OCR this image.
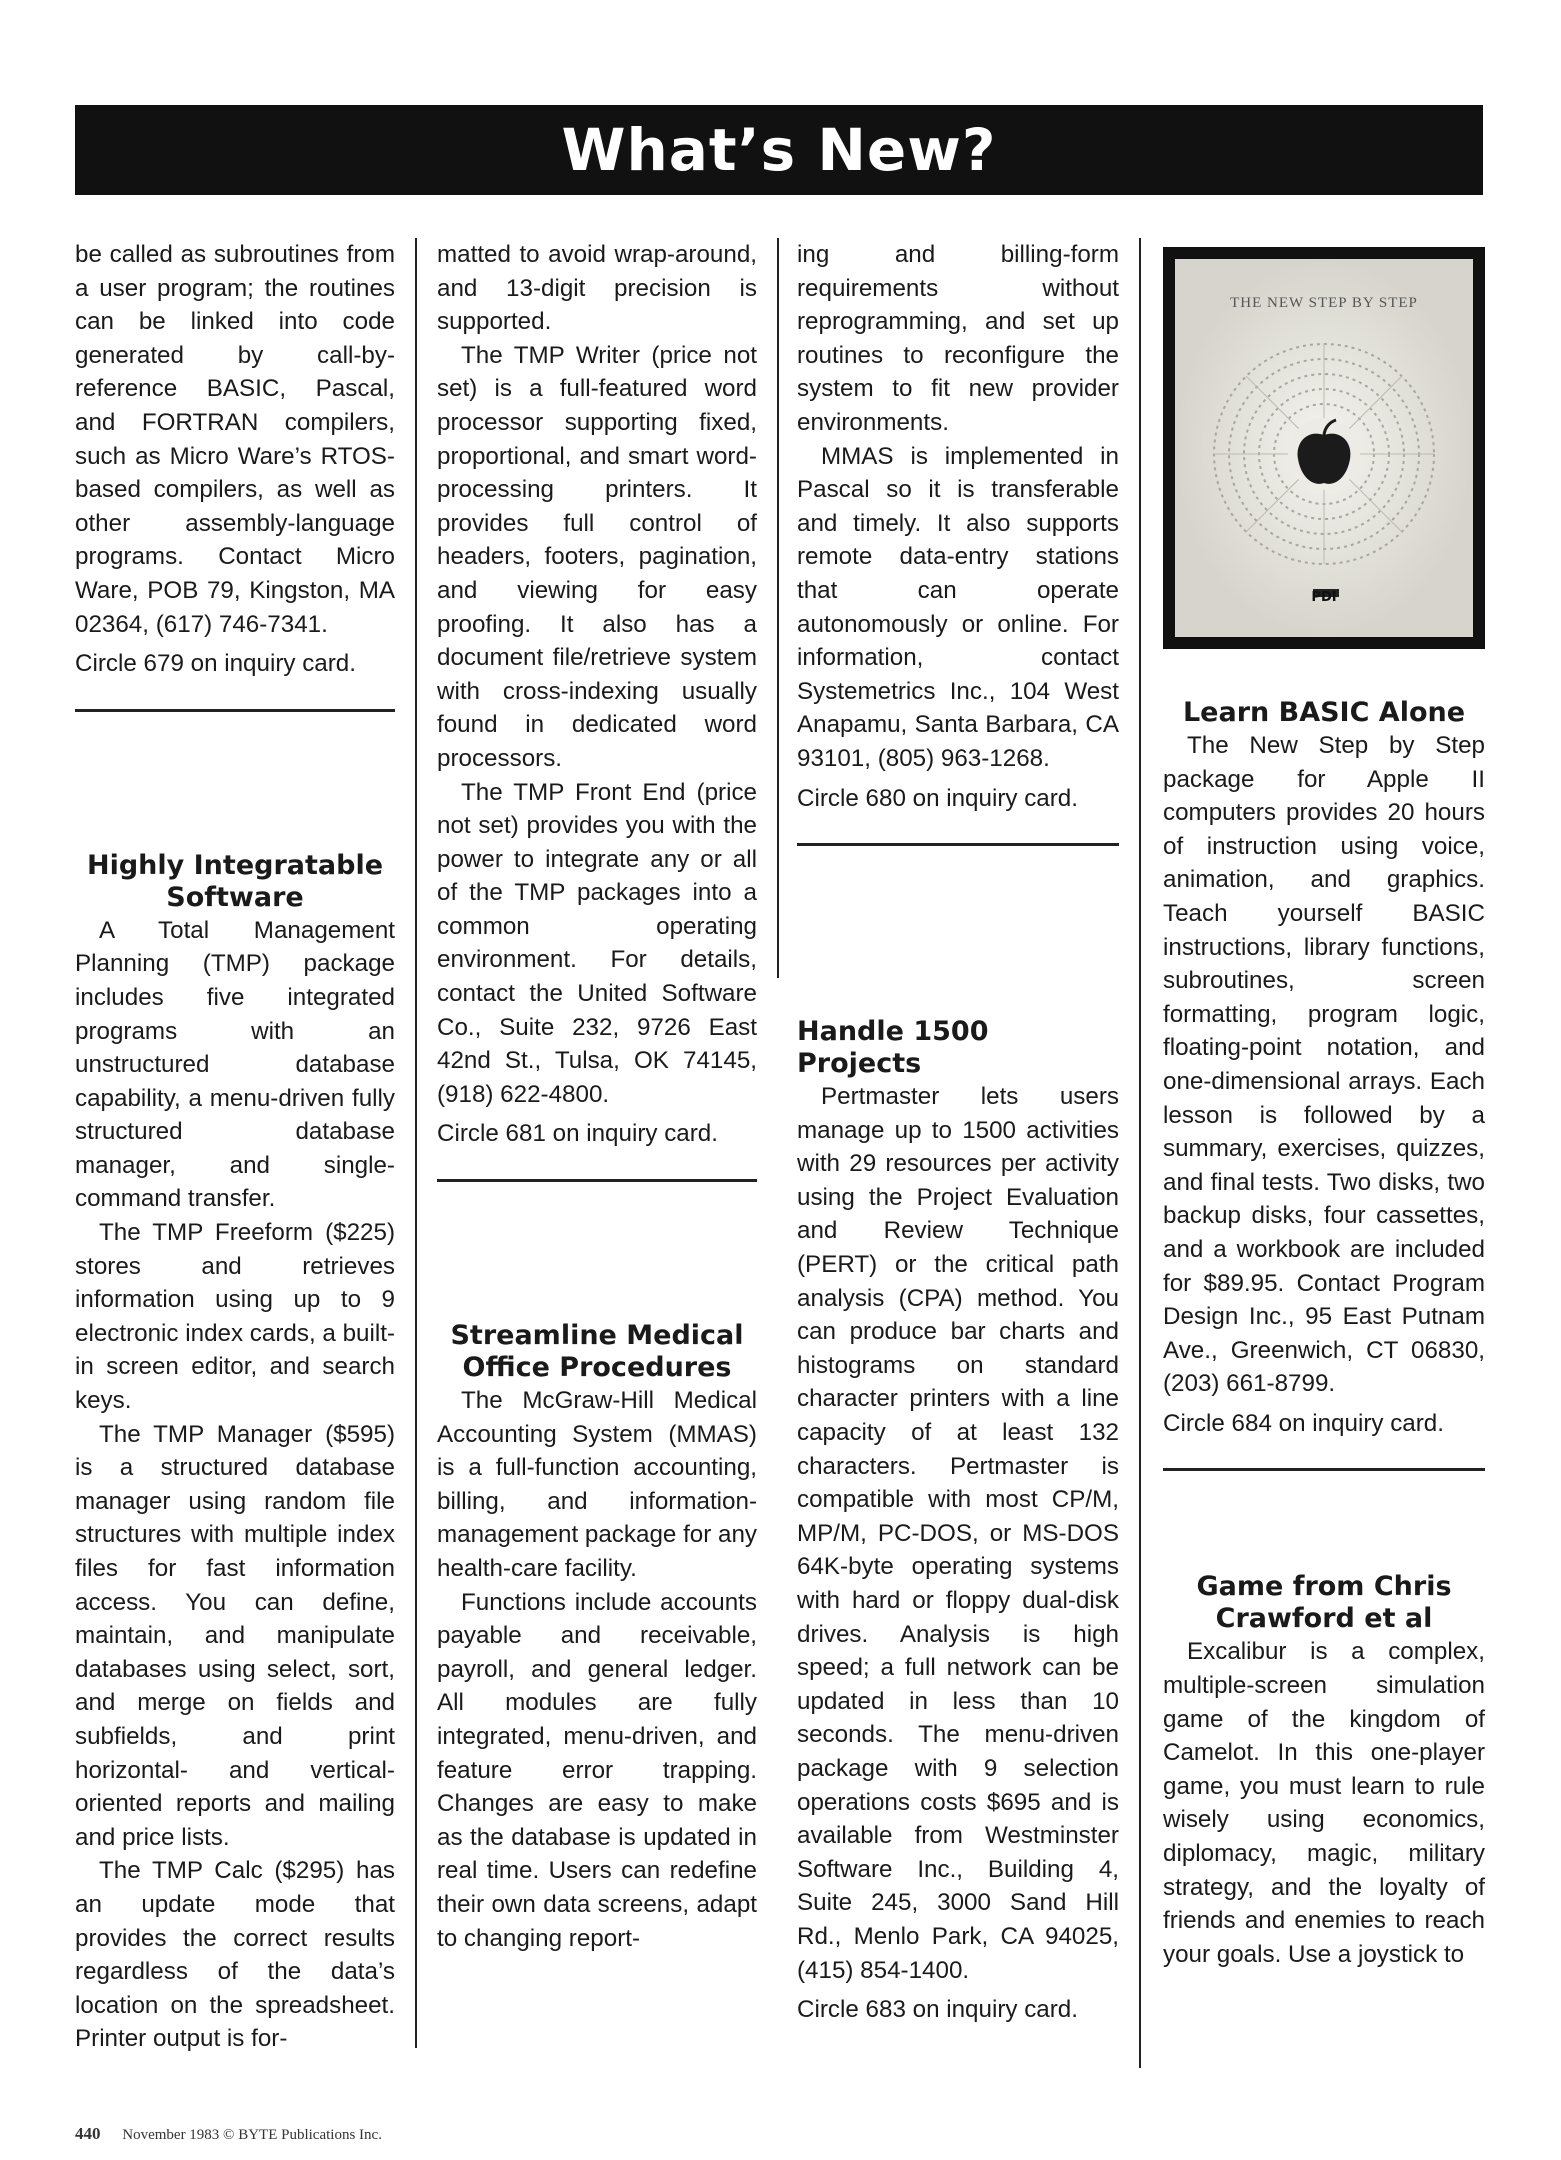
What’s New?

be called as subroutines from a user program; the routines can be linked into code generated by call-by-reference BASIC, Pascal, and FORTRAN compilers, such as Micro Ware’s RTOS-based compilers, as well as other assembly-language programs. Contact Micro Ware, POB 79, Kingston, MA 02364, (617) 746-7341.

Circle 679 on inquiry card.

Highly Integratable Software

A Total Management Planning (TMP) package includes five integrated programs with an unstructured database capability, a menu-driven fully structured database manager, and single-command transfer.

The TMP Freeform ($225) stores and retrieves information using up to 9 electronic index cards, a built-in screen editor, and search keys.

The TMP Manager ($595) is a structured database manager using random file structures with multiple index files for fast information access. You can define, maintain, and manipulate databases using select, sort, and merge on fields and subfields, and print horizontal- and vertical-oriented reports and mailing and price lists.

The TMP Calc ($295) has an update mode that provides the correct results regardless of the data’s location on the spreadsheet. Printer output is for-

matted to avoid wrap-around, and 13-digit precision is supported.

The TMP Writer (price not set) is a full-featured word processor supporting fixed, proportional, and smart word-processing printers. It provides full control of headers, footers, pagination, and viewing for easy proofing. It also has a document file/retrieve system with cross-indexing usually found in dedicated word processors.

The TMP Front End (price not set) provides you with the power to integrate any or all of the TMP packages into a common operating environment. For details, contact the United Software Co., Suite 232, 9726 East 42nd St., Tulsa, OK 74145, (918) 622-4800.

Circle 681 on inquiry card.

Streamline Medical Office Procedures

The McGraw-Hill Medical Accounting System (MMAS) is a full-function accounting, billing, and information-management package for any health-care facility.

Functions include accounts payable and receivable, payroll, and general ledger. All modules are fully integrated, menu-driven, and feature error trapping. Changes are easy to make as the database is updated in real time. Users can redefine their own data screens, adapt to changing report-

ing and billing-form requirements without reprogramming, and set up routines to reconfigure the system to fit new provider environments.

MMAS is implemented in Pascal so it is transferable and timely. It also supports remote data-entry stations that can operate autonomously or online. For information, contact Systemetrics Inc., 104 West Anapamu, Santa Barbara, CA 93101, (805) 963-1268.

Circle 680 on inquiry card.

Handle 1500 Projects

Pertmaster lets users manage up to 1500 activities with 29 resources per activity using the Project Evaluation and Review Technique (PERT) or the critical path analysis (CPA) method. You can produce bar charts and histograms on standard character printers with a line capacity of at least 132 characters. Pertmaster is compatible with most CP/M, MP/M, PC-DOS, or MS-DOS 64K-byte operating systems with hard or floppy dual-disk drives. Analysis is high speed; a full network can be updated in less than 10 seconds. The menu-driven package with 9 selection operations costs $695 and is available from Westminster Software Inc., Building 4, Suite 245, 3000 Sand Hill Rd., Menlo Park, CA 94025, (415) 854-1400.

Circle 683 on inquiry card.

THE NEW STEP BY STEP
PDI
Learn BASIC Alone

The New Step by Step package for Apple II computers provides 20 hours of instruction using voice, animation, and graphics. Teach yourself BASIC instructions, library functions, subroutines, screen formatting, program logic, floating-point notation, and one-dimensional arrays. Each lesson is followed by a summary, exercises, quizzes, and final tests. Two disks, two backup disks, four cassettes, and a workbook are included for $89.95. Contact Program Design Inc., 95 East Putnam Ave., Greenwich, CT 06830, (203) 661-8799.

Circle 684 on inquiry card.

Game from Chris Crawford et al

Excalibur is a complex, multiple-screen simulation game of the kingdom of Camelot. In this one-player game, you must learn to rule wisely using economics, diplomacy, magic, military strategy, and the loyalty of friends and enemies to reach your goals. Use a joystick to

440 November 1983 © BYTE Publications Inc.
